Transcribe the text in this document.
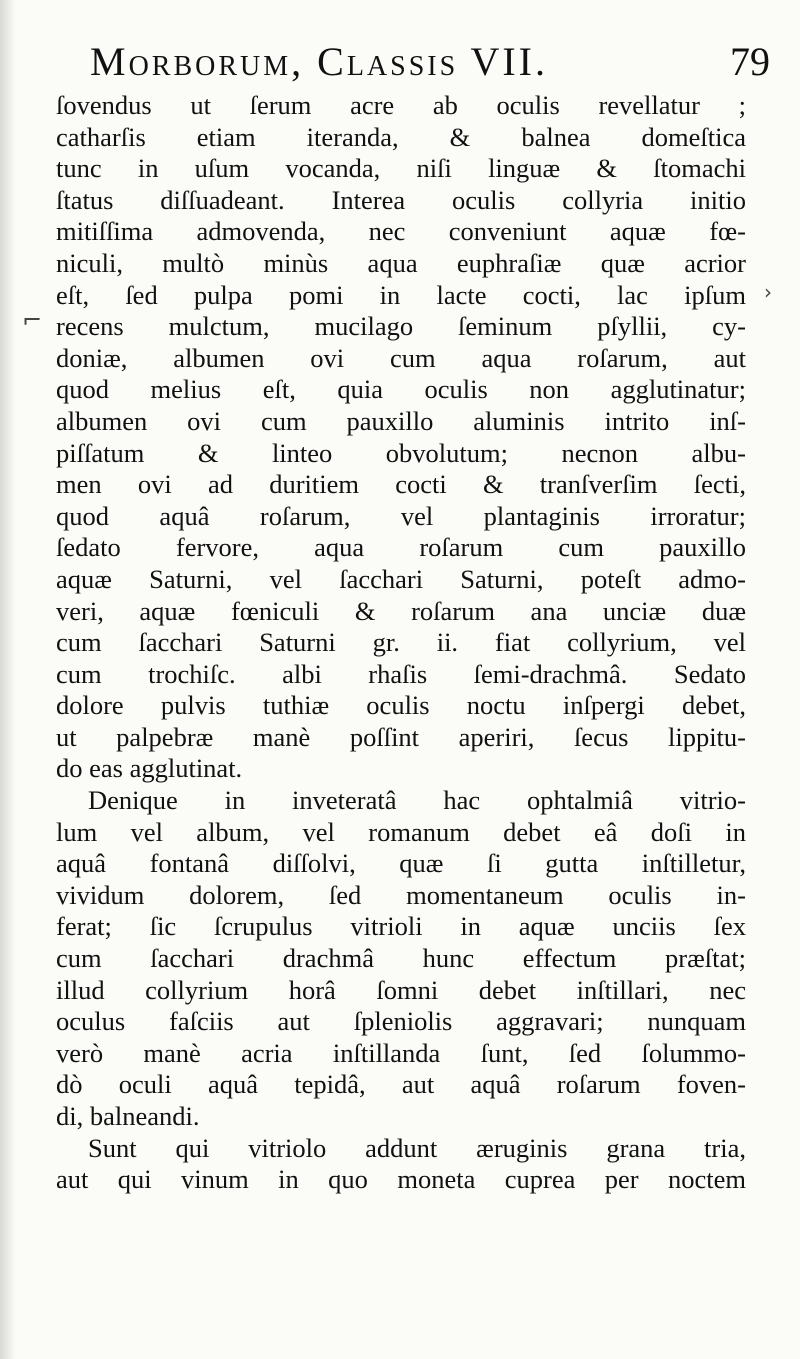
Morborum, Classis VII.	79
ſovendus ut ſerum acre ab oculis revellatur ;
catharſis etiam iteranda, & balnea domeſtica
tunc in uſum vocanda, niſi linguæ & ſtomachi
ſtatus diſſuadeant. Interea oculis collyria initio
mitiſſima admovenda, nec conveniunt aquæ fœ-
niculi, multò minùs aqua euphraſiæ quæ acrior
eſt, ſed pulpa pomi in lacte cocti, lac ipſum
recens mulctum, mucilago ſeminum pſyllii, cy-
doniæ, albumen ovi cum aqua roſarum, aut
quod melius eſt, quia oculis non agglutinatur;
albumen ovi cum pauxillo aluminis intrito inſ-
piſſatum & linteo obvolutum; necnon albu-
men ovi ad duritiem cocti & tranſverſim ſecti,
quod aquâ roſarum, vel plantaginis irroratur;
ſedato fervore, aqua roſarum cum pauxillo
aquæ Saturni, vel ſacchari Saturni, poteſt admo-
veri, aquæ fœniculi & roſarum ana unciæ duæ
cum ſacchari Saturni gr. ii. fiat collyrium, vel
cum trochiſc. albi rhaſis ſemi-drachmâ. Sedato
dolore pulvis tuthiæ oculis noctu inſpergi debet,
ut palpebræ manè poſſint aperiri, ſecus lippitu-
do eas agglutinat.
Denique in inveteratâ hac ophtalmiâ vitrio-
lum vel album, vel romanum debet eâ doſi in
aquâ fontanâ diſſolvi, quæ ſi gutta inſtilletur,
vividum dolorem, ſed momentaneum oculis in-
ferat; ſic ſcrupulus vitrioli in aquæ unciis ſex
cum ſacchari drachmâ hunc effectum præſtat;
illud collyrium horâ ſomni debet inſtillari, nec
oculus faſciis aut ſpleniolis aggravari; nunquam
verò manè acria inſtillanda ſunt, ſed ſolummo-
dò oculi aquâ tepidâ, aut aquâ roſarum foven-
di, balneandi.
Sunt qui vitriolo addunt æruginis grana tria,
aut qui vinum in quo moneta cuprea per noctem
⌐
›
